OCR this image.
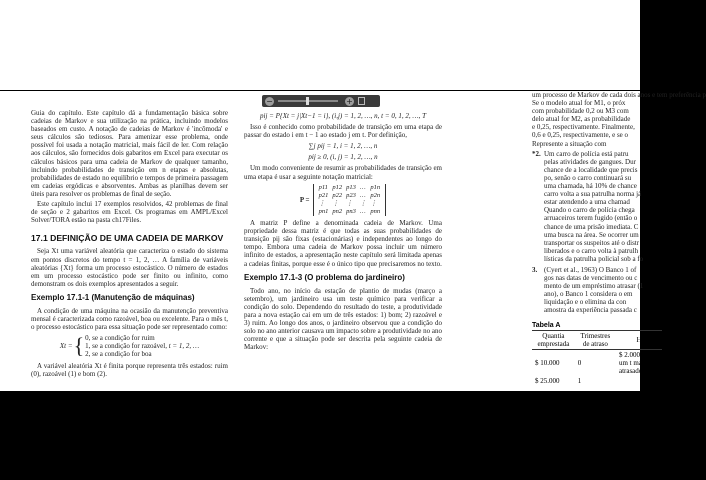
−	+

Guia do capítulo. Este capítulo dá a fundamentação básica sobre cadeias de Markov e sua utilização na prática, incluindo modelos baseados em custo. A notação de cadeias de Markov é 'incômoda' e seus cálculos são tediosos. Para amenizar esse problema, onde possível foi usada a notação matricial, mais fácil de ler. Com relação aos cálculos, são fornecidos dois gabaritos em Excel para executar os cálculos básicos para uma cadeia de Markov de qualquer tamanho, incluindo probabilidades de transição em n etapas e absolutas, probabilidades de estado no equilíbrio e tempos de primeira passagem em cadeias ergódicas e absorventes. Ambas as planilhas devem ser úteis para resolver os problemas de final de seção.

Este capítulo inclui 17 exemplos resolvidos, 42 problemas de final de seção e 2 gabaritos em Excel. Os programas em AMPL/Excel Solver/TORA estão na pasta ch17Files.

17.1 DEFINIÇÃO DE UMA CADEIA DE MARKOV

Seja Xt uma variável aleatória que caracteriza o estado do sistema em pontos discretos do tempo t = 1, 2, … A família de variáveis aleatórias {Xt} forma um processo estocástico. O número de estados em um processo estocástico pode ser finito ou infinito, como demonstram os dois exemplos apresentados a seguir.

Exemplo 17.1-1 (Manutenção de máquinas)

A condição de uma máquina na ocasião da manutenção preventiva mensal é caracterizada como razoável, boa ou excelente. Para o mês t, o processo estocástico para essa situação pode ser representado como:

Xt = { 0, se a condição for ruim
1, se a condição for razoável
2, se a condição for boa
, t = 1, 2, …

A variável aleatória Xt é finita porque representa três estados: ruim (0), razoável (1) e bom (2).

pij = P{Xt = j|Xt−1 = i}, (i,j) = 1, 2, …, n, t = 0, 1, 2, …, T

Isso é conhecido como probabilidade de transição em uma etapa de passar do estado i em t − 1 ao estado j em t. Por definição,

∑j pij = 1, i = 1, 2, …, n
pij ≥ 0, (i, j) = 1, 2, …, n

Um modo conveniente de resumir as probabilidades de transição em uma etapa é usar a seguinte notação matricial:

P =
p11	p12	p13	…	p1n
p21	p22	p23	…	p2n
⋮	⋮	⋮	⋮	⋮
pn1	pn2	pn3	…	pnn

A matriz P define a denominada cadeia de Markov. Uma propriedade dessa matriz é que todas as suas probabilidades de transição pij são fixas (estacionárias) e independentes ao longo do tempo. Embora uma cadeia de Markov possa incluir um número infinito de estados, a apresentação neste capítulo será limitada apenas a cadeias finitas, porque esse é o único tipo que precisaremos no texto.

Exemplo 17.1-3 (O problema do jardineiro)

Todo ano, no início da estação de plantio de mudas (março a setembro), um jardineiro usa um teste químico para verificar a condição do solo. Dependendo do resultado do teste, a produtividade para a nova estação cai em um de três estados: 1) bom; 2) razoável e 3) ruim. Ao longo dos anos, o jardineiro observou que a condição do solo no ano anterior causava um impacto sobre a produtividade no ano corrente e que a situação pode ser descrita pela seguinte cadeia de Markov:

um processo de Markov de cada dois anos e tem preferência p
Se o modelo atual for M1, o próx
com probabilidade 0,2 ou M3 com
delo atual for M2, as probabilidade
e 0,25, respectivamente. Finalmente,
0,6 e 0,25, respectivamente, e se o
Represente a situação com
*2. Um carro de polícia está patru pelas atividades de gangues. Dur chance de a localidade que precis po, senão o carro continuará su uma chamada, há 10% de chance carro volta a sua patrulha norma já estar atendendo a uma chamad Quando o carro de polícia chega arruaceiros terem fugido (então o chance de uma prisão imediata. C uma busca na área. Se ocorrer um transportar os suspeitos até o distr liberados e o carro volta à patrulh lísticas da patrulha policial sob a fo
3. (Cyert et al., 1963) O Banco 1 of gos nas datas de vencimento ou c mento de um empréstimo atrasar (1 ano), o Banco 1 considera o em liquidação e o elimina da con amostra da experiência passada c
Tabela A
Quantia emprestada	Trimestres de atraso	H
$ 10.000	0	$ 2.000 p que um t mais qua atrasado
$ 25.000	1	
